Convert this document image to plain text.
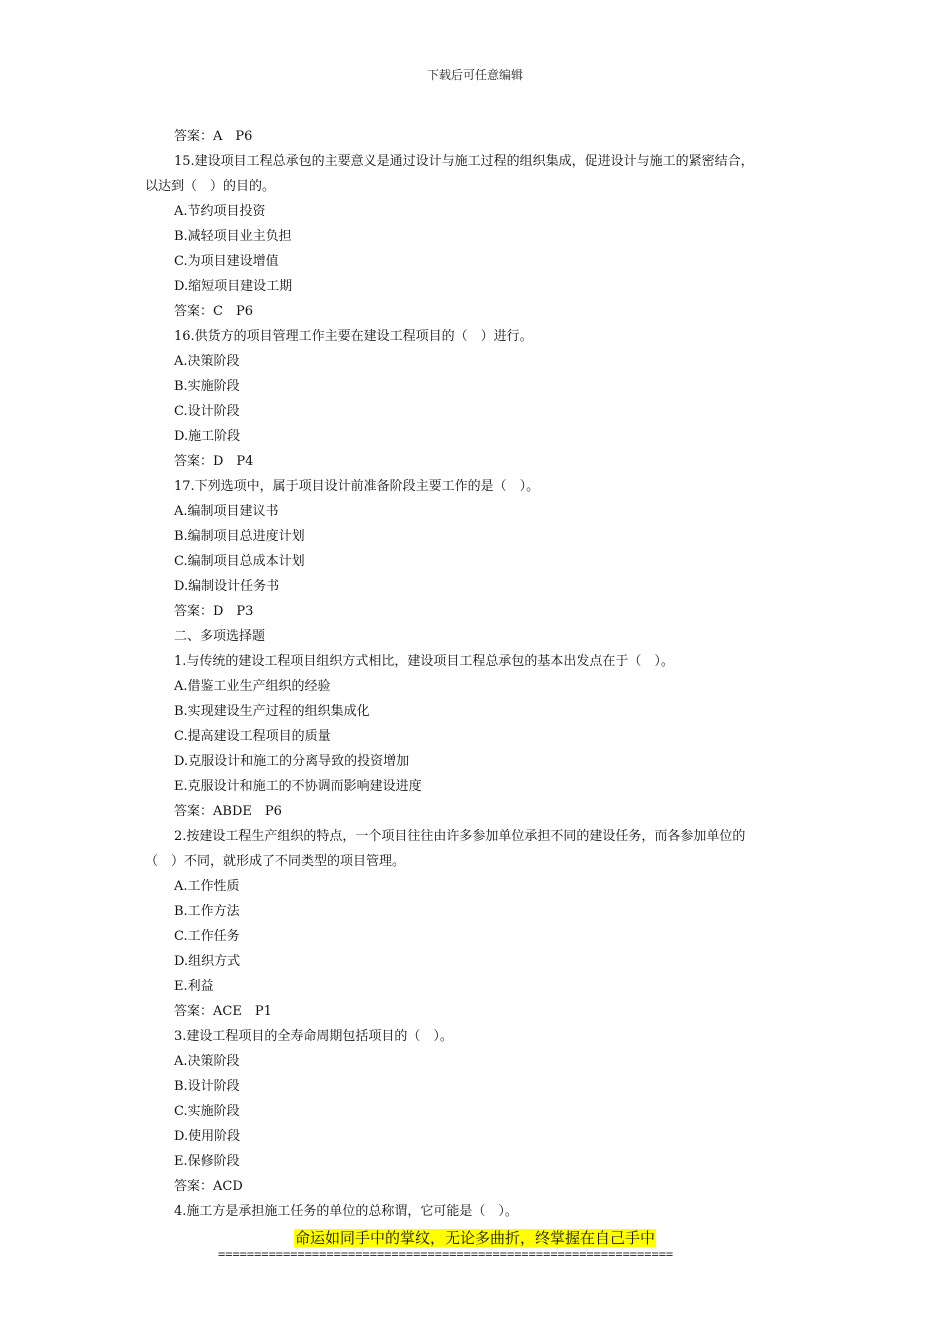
下载后可任意编辑
答案：A　P6
15.建设项目工程总承包的主要意义是通过设计与施工过程的组织集成，促进设计与施工的紧密结合，
以达到（　）的目的。
A.节约项目投资
B.减轻项目业主负担
C.为项目建设增值
D.缩短项目建设工期
答案：C　P6
16.供货方的项目管理工作主要在建设工程项目的（　）进行。
A.决策阶段
B.实施阶段
C.设计阶段
D.施工阶段
答案：D　P4
17.下列选项中，属于项目设计前准备阶段主要工作的是（　）。
A.编制项目建议书
B.编制项目总进度计划
C.编制项目总成本计划
D.编制设计任务书
答案：D　P3
二、多项选择题
1.与传统的建设工程项目组织方式相比，建设项目工程总承包的基本出发点在于（　）。
A.借鉴工业生产组织的经验
B.实现建设生产过程的组织集成化
C.提高建设工程项目的质量
D.克服设计和施工的分离导致的投资增加
E.克服设计和施工的不协调而影响建设进度
答案：ABDE　P6
2.按建设工程生产组织的特点，一个项目往往由许多参加单位承担不同的建设任务，而各参加单位的
（　）不同，就形成了不同类型的项目管理。
A.工作性质
B.工作方法
C.工作任务
D.组织方式
E.利益
答案：ACE　P1
3.建设工程项目的全寿命周期包括项目的（　）。
A.决策阶段
B.设计阶段
C.实施阶段
D.使用阶段
E.保修阶段
答案：ACD
4.施工方是承担施工任务的单位的总称谓，它可能是（　）。
命运如同手中的掌纹，无论多曲折，终掌握在自己手中
===============================================================
